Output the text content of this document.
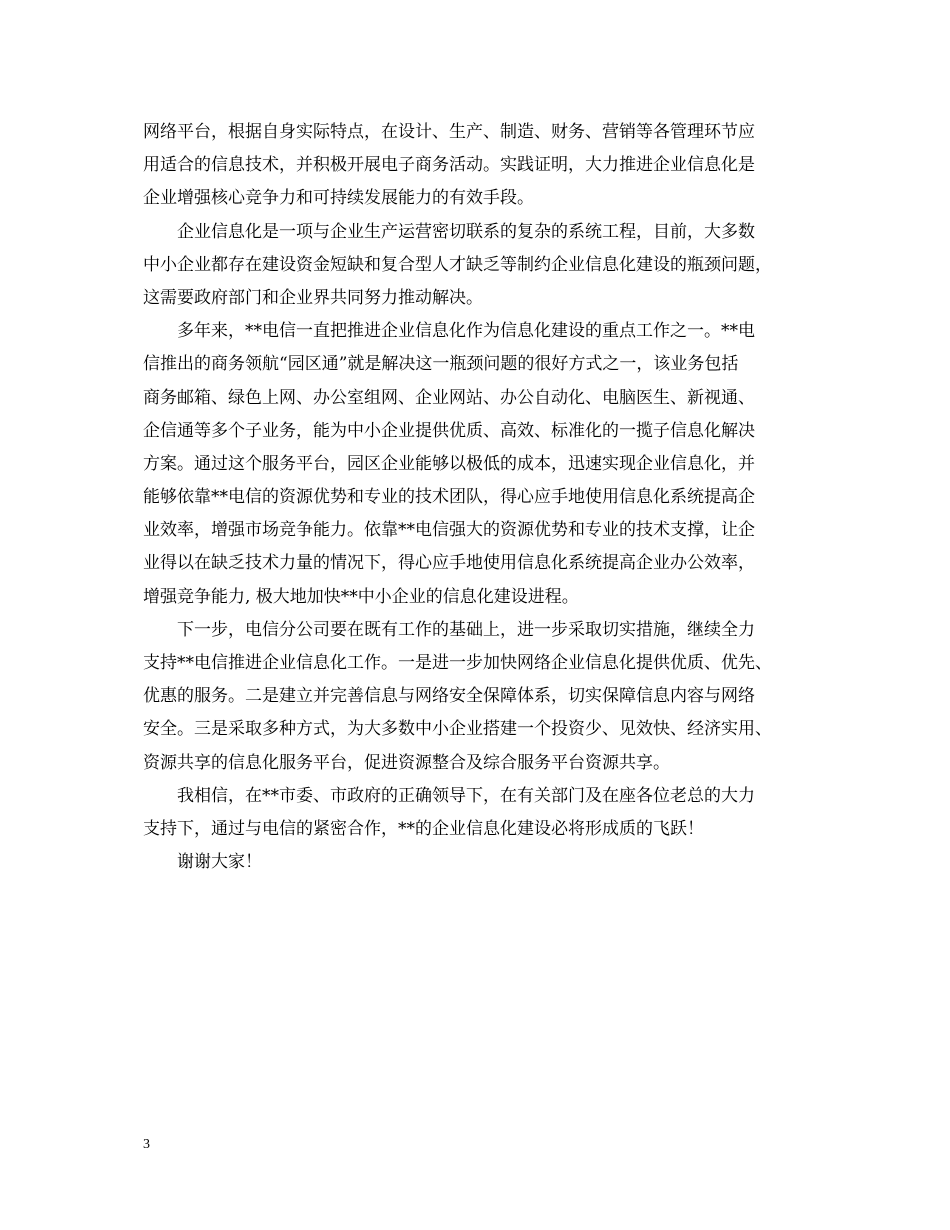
网络平台，根据自身实际特点，在设计、生产、制造、财务、营销等各管理环节应
用适合的信息技术，并积极开展电子商务活动。实践证明，大力推进企业信息化是
企业增强核心竞争力和可持续发展能力的有效手段。
企业信息化是一项与企业生产运营密切联系的复杂的系统工程，目前，大多数
中小企业都存在建设资金短缺和复合型人才缺乏等制约企业信息化建设的瓶颈问题，
这需要政府部门和企业界共同努力推动解决。
多年来，**电信一直把推进企业信息化作为信息化建设的重点工作之一。**电
信推出的商务领航“园区通”就是解决这一瓶颈问题的很好方式之一，该业务包括
商务邮箱、绿色上网、办公室组网、企业网站、办公自动化、电脑医生、新视通、
企信通等多个子业务，能为中小企业提供优质、高效、标准化的一揽子信息化解决
方案。通过这个服务平台，园区企业能够以极低的成本，迅速实现企业信息化，并
能够依靠**电信的资源优势和专业的技术团队，得心应手地使用信息化系统提高企
业效率，增强市场竞争能力。依靠**电信强大的资源优势和专业的技术支撑，让企
业得以在缺乏技术力量的情况下，得心应手地使用信息化系统提高企业办公效率，
增强竞争能力, 极大地加快**中小企业的信息化建设进程。
下一步，电信分公司要在既有工作的基础上，进一步采取切实措施，继续全力
支持**电信推进企业信息化工作。一是进一步加快网络企业信息化提供优质、优先、
优惠的服务。二是建立并完善信息与网络安全保障体系，切实保障信息内容与网络
安全。三是采取多种方式，为大多数中小企业搭建一个投资少、见效快、经济实用、
资源共享的信息化服务平台，促进资源整合及综合服务平台资源共享。
我相信，在**市委、市政府的正确领导下，在有关部门及在座各位老总的大力
支持下，通过与电信的紧密合作，**的企业信息化建设必将形成质的飞跃！
谢谢大家！
3
